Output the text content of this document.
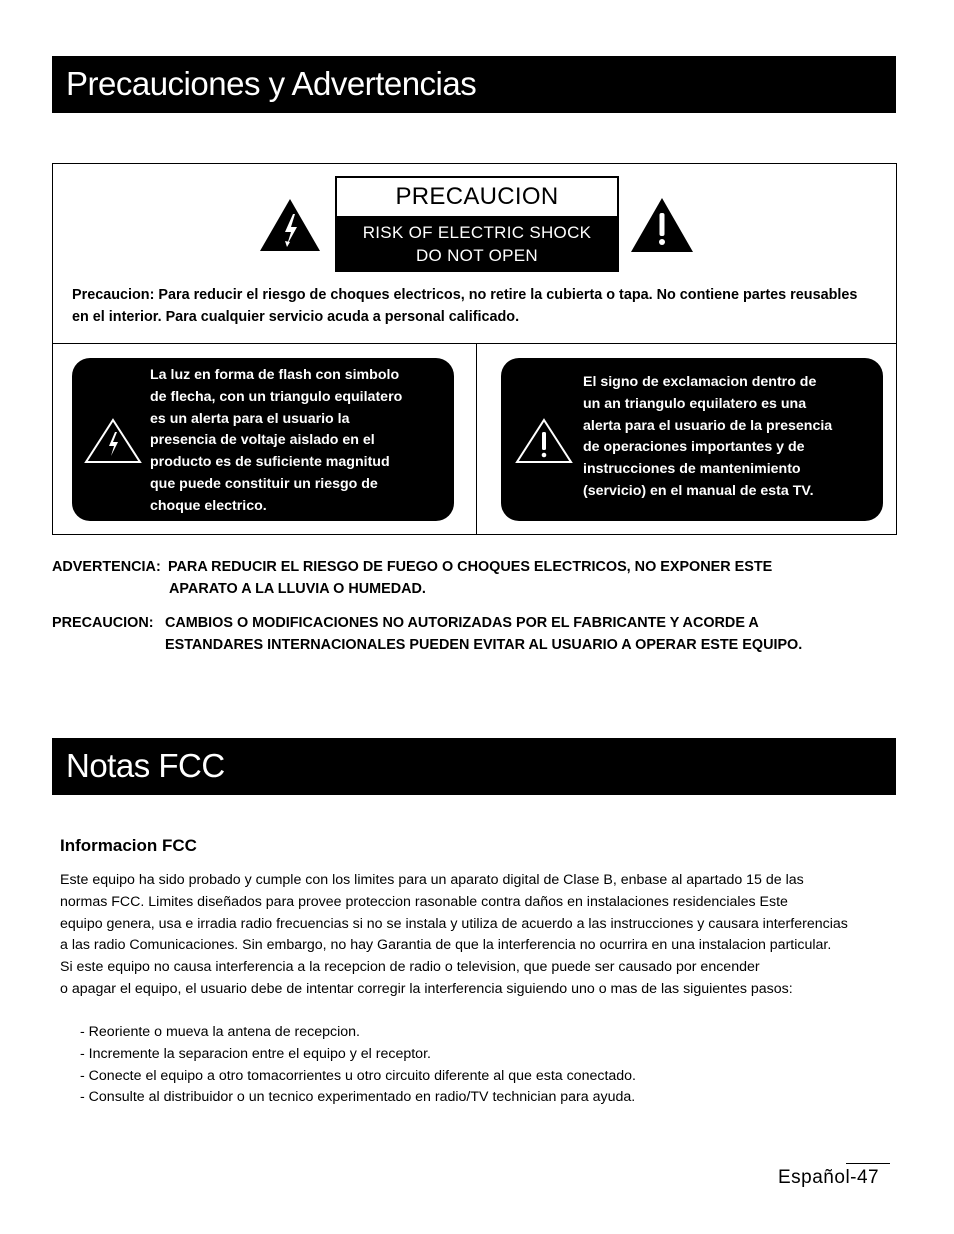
Precauciones y Advertencias
PRECAUCION
RISK OF ELECTRIC SHOCK
DO NOT OPEN
Precaucion: Para reducir el riesgo de choques electricos, no retire la cubierta o tapa. No contiene partes reusables en el interior. Para cualquier servicio acuda a personal calificado.
La luz en forma de flash con simbolo
de flecha, con un triangulo equilatero
es un alerta para el usuario la
presencia de voltaje aislado en el
producto es de suficiente magnitud
que puede constituir un riesgo de
choque electrico.
El signo de exclamacion dentro de
un an triangulo equilatero es una
alerta para el usuario de la presencia
de operaciones importantes y de
instrucciones de mantenimiento
(servicio) en el manual de esta TV.
ADVERTENCIA: PARA REDUCIR EL RIESGO DE FUEGO O CHOQUES ELECTRICOS, NO EXPONER ESTE
APARATO A LA LLUVIA O HUMEDAD.
PRECAUCION: CAMBIOS O MODIFICACIONES NO AUTORIZADAS POR EL FABRICANTE Y ACORDE A
ESTANDARES INTERNACIONALES PUEDEN EVITAR AL USUARIO A OPERAR ESTE EQUIPO.
Notas FCC
Informacion FCC
Este equipo ha sido probado y cumple con los limites para un aparato digital de Clase B, enbase al apartado 15 de las
normas FCC. Limites diseñados para provee proteccion rasonable contra daños en instalaciones residenciales Este
equipo genera, usa e irradia radio frecuencias si no se instala y utiliza de acuerdo a las instrucciones y causara interferencias
a las radio Comunicaciones. Sin embargo, no hay Garantia de que la interferencia no ocurrira en una instalacion particular.
Si este equipo no causa interferencia a la recepcion de radio o television, que puede ser causado por encender
o apagar el equipo, el usuario debe de intentar corregir la interferencia siguiendo uno o mas de las siguientes pasos:
- Reoriente o mueva la antena de recepcion.
- Incremente la separacion entre el equipo y el receptor.
- Conecte el equipo a otro tomacorrientes u otro circuito diferente al que esta conectado.
- Consulte al distribuidor o un tecnico experimentado en radio/TV technician para ayuda.
Español-47
